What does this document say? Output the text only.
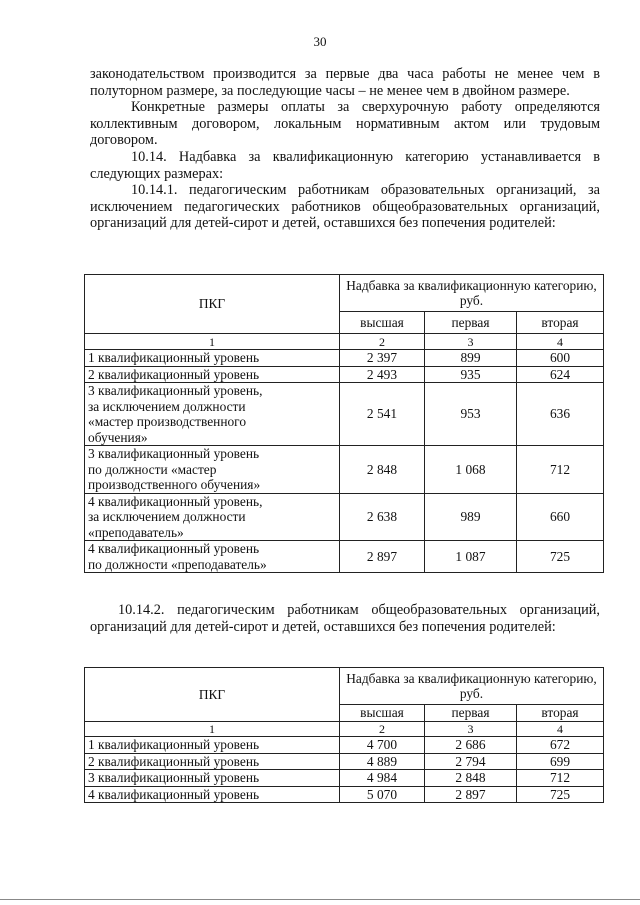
30

законодательством производится за первые два часа работы не менее чем в полуторном размере, за последующие часы – не менее чем в двойном размере.

Конкретные размеры оплаты за сверхурочную работу определяются коллективным договором, локальным нормативным актом или трудовым договором.

10.14. Надбавка за квалификационную категорию устанавливается в следующих размерах:

10.14.1. педагогическим работникам образовательных организаций, за исключением педагогических работников общеобразовательных организаций, организаций для детей-сирот и детей, оставшихся без попечения родителей:

ПКГ	Надбавка за квалификационную категорию, руб.		
	высшая	первая	вторая
1	2	3	4
1 квалификационный уровень	2 397	899	600
2 квалификационный уровень	2 493	935	624
3 квалификационный уровень,
за исключением должности
«мастер производственного
обучения»	2 541	953	636
3 квалификационный уровень
по должности «мастер
производственного обучения»	2 848	1 068	712
4 квалификационный уровень,
за исключением должности
«преподаватель»	2 638	989	660
4 квалификационный уровень
по должности «преподаватель»	2 897	1 087	725

10.14.2. педагогическим работникам общеобразовательных организаций, организаций для детей-сирот и детей, оставшихся без попечения родителей:

ПКГ	Надбавка за квалификационную категорию, руб.		
	высшая	первая	вторая
1	2	3	4
1 квалификационный уровень	4 700	2 686	672
2 квалификационный уровень	4 889	2 794	699
3 квалификационный уровень	4 984	2 848	712
4 квалификационный уровень	5 070	2 897	725
